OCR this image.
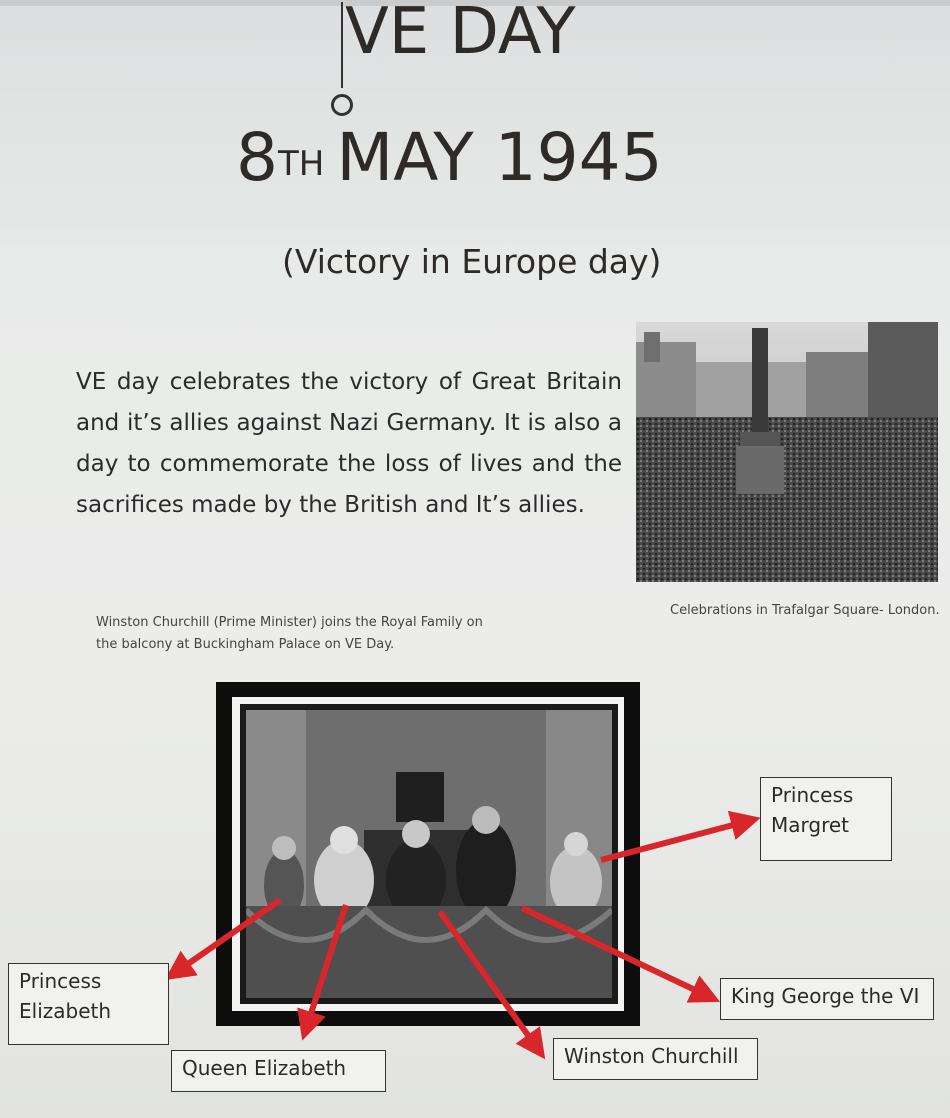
VE DAY
8TH MAY 1945
(Victory in Europe day)
VE day celebrates the victory of Great Britain and it’s allies against Nazi Germany. It is also a day to commemorate the loss of lives and the sacrifices made by the British and It’s allies.
Celebrations in Trafalgar Square- London.
Winston Churchill (Prime Minister) joins the Royal Family on the balcony at Buckingham Palace on VE Day.
Princess Margret
Princess Elizabeth
Queen Elizabeth	Winston Churchill
King George the VI
